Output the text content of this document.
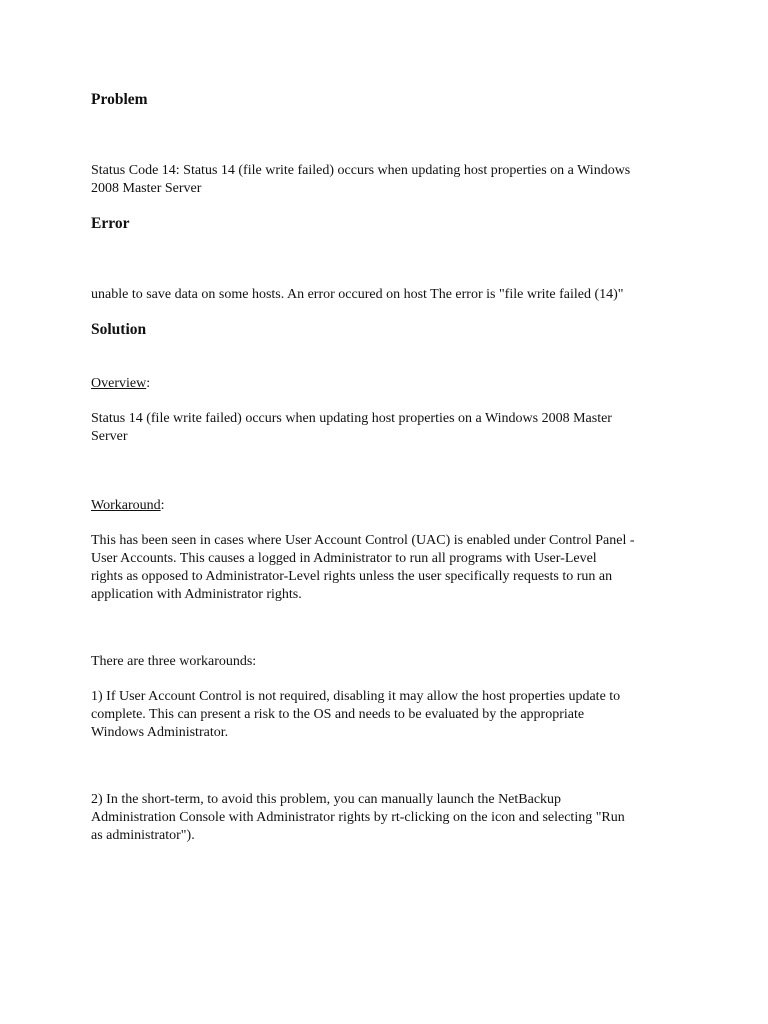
Problem

Status Code 14: Status 14 (file write failed) occurs when updating host properties on a Windows
2008 Master Server

Error

unable to save data on some hosts. An error occured on host The error is "file write failed (14)"

Solution

Overview:

Status 14 (file write failed) occurs when updating host properties on a Windows 2008 Master
Server

Workaround:

This has been seen in cases where User Account Control (UAC) is enabled under Control Panel -
User Accounts. This causes a logged in Administrator to run all programs with User-Level
rights as opposed to Administrator-Level rights unless the user specifically requests to run an
application with Administrator rights.

There are three workarounds:

1) If User Account Control is not required, disabling it may allow the host properties update to
complete. This can present a risk to the OS and needs to be evaluated by the appropriate
Windows Administrator.

2) In the short-term, to avoid this problem, you can manually launch the NetBackup
Administration Console with Administrator rights by rt-clicking on the icon and selecting "Run
as administrator").
